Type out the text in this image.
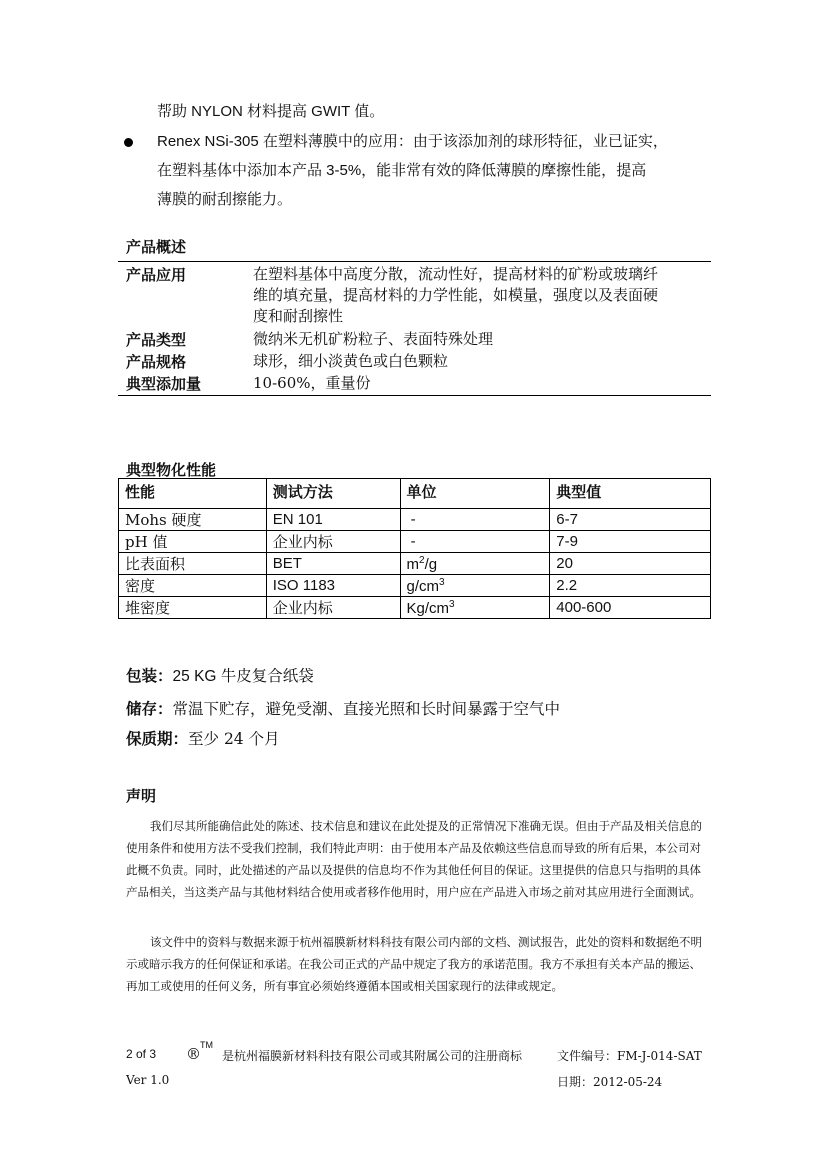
帮助 NYLON 材料提高 GWIT 值。
Renex NSi-305 在塑料薄膜中的应用：由于该添加剂的球形特征，业已证实，
在塑料基体中添加本产品 3-5%，能非常有效的降低薄膜的摩擦性能，提高
薄膜的耐刮擦能力。
产品概述
产品应用	在塑料基体中高度分散，流动性好，提高材料的矿粉或玻璃纤
维的填充量，提高材料的力学性能，如模量，强度以及表面硬
度和耐刮擦性
产品类型	微纳米无机矿粉粒子、表面特殊处理
产品规格	球形，细小淡黄色或白色颗粒
典型添加量	10-60%，重量份
典型物化性能
性能	测试方法	单位	典型值
Mohs 硬度	EN 101	-	6-7
pH 值	企业内标	-	7-9
比表面积	BET	$m^2/g$	20
密度	ISO 1183	$g/cm^3$	2.2
堆密度	企业内标	$Kg/cm^3$	400-600
包装：25 KG 牛皮复合纸袋
储存：常温下贮存，避免受潮、直接光照和长时间暴露于空气中
保质期：至少 24 个月
声明
我们尽其所能确信此处的陈述、技术信息和建议在此处提及的正常情况下准确无误。但由于产品及相关信息的使用条件和使用方法不受我们控制，我们特此声明：由于使用本产品及依赖这些信息而导致的所有后果，本公司对此概不负责。同时，此处描述的产品以及提供的信息均不作为其他任何目的保证。这里提供的信息只与指明的具体产品相关，当这类产品与其他材料结合使用或者移作他用时，用户应在产品进入市场之前对其应用进行全面测试。
该文件中的资料与数据来源于杭州福膜新材料科技有限公司内部的文档、测试报告，此处的资料和数据绝不明示或暗示我方的任何保证和承诺。在我公司正式的产品中规定了我方的承诺范围。我方不承担有关本产品的搬运、再加工或使用的任何义务，所有事宜必须始终遵循本国或相关国家现行的法律或规定。
2 of 3 ® TM
是杭州福膜新材料科技有限公司或其附属公司的注册商标	文件编号：FM-J-014-SAT
Ver 1.0	日期：2012-05-24
